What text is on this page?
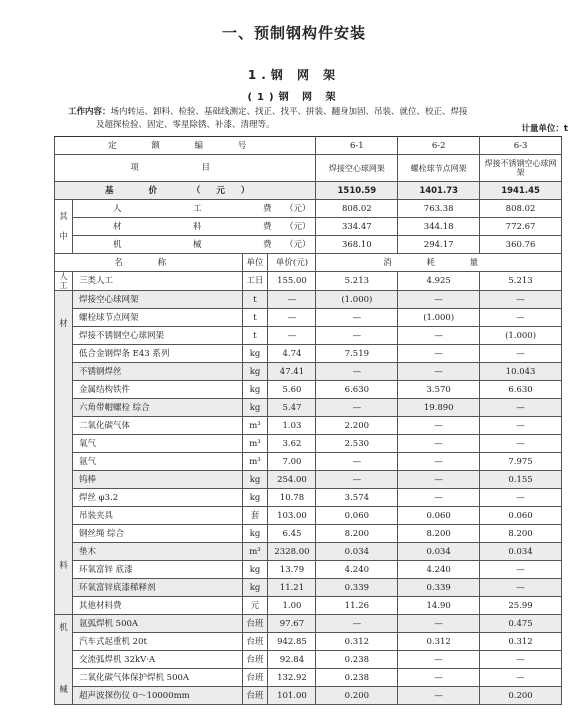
一、预制钢构件安装
1.钢 网 架
(1)钢 网 架
工作内容：场内转运、卸料、检验、基础线测定、找正、找平、拼装、翻身加固、吊装、就位、校正、焊接
及超探检验、固定、零星除锈、补漆、清理等。	计量单位：t
定 额 编 号				6-1	6-2	6-3
项 目				焊接空心球网架	螺栓球节点网架	焊接不锈钢空心球网架
基 价 （元）				1510.59	1401.73	1941.45

其
中	人 工 费 （元）			808.02	763.38	808.02
	材 料 费 （元）			334.47	344.18	772.67
	机 械 费 （元）			368.10	294.17	360.76
名 称		单位	单价(元)	消 耗 量		
人工	三类人工	工日	155.00	5.213	4.925	5.213

材
料	焊接空心球网架	t	—	(1.000)	—	—
	螺栓球节点网架	t	—	—	(1.000)	—
	焊接不锈钢空心球网架	t	—	—	—	(1.000)
	低合金钢焊条 E43 系列	kg	4.74	7.519	—	—
	不锈钢焊丝	kg	47.41	—	—	10.043
	金属结构铁件	kg	5.60	6.630	3.570	6.630
	六角带帽螺栓 综合	kg	5.47	—	19.890	—
	二氧化碳气体	m³	1.03	2.200	—	—
	氧气	m³	3.62	2.530	—	—
	氩气	m³	7.00	—	—	7.975
	钨棒	kg	254.00	—	—	0.155
	焊丝 φ3.2	kg	10.78	3.574	—	—
	吊装夹具	套	103.00	0.060	0.060	0.060
	钢丝绳 综合	kg	6.45	8.200	8.200	8.200
	垫木	m³	2328.00	0.034	0.034	0.034
	环氧富锌 底漆	kg	13.79	4.240	4.240	—
	环氧富锌底漆稀释剂	kg	11.21	0.339	0.339	—
	其他材料费	元	1.00	11.26	14.90	25.99

机
械	氩弧焊机 500A	台班	97.67	—	—	0.475
	汽车式起重机 20t	台班	942.85	0.312	0.312	0.312
	交流弧焊机 32kV·A	台班	92.84	0.238	—	—
	二氧化碳气体保护焊机 500A	台班	132.92	0.238	—	—
	超声波探伤仪 0～10000mm	台班	101.00	0.200	—	0.200
